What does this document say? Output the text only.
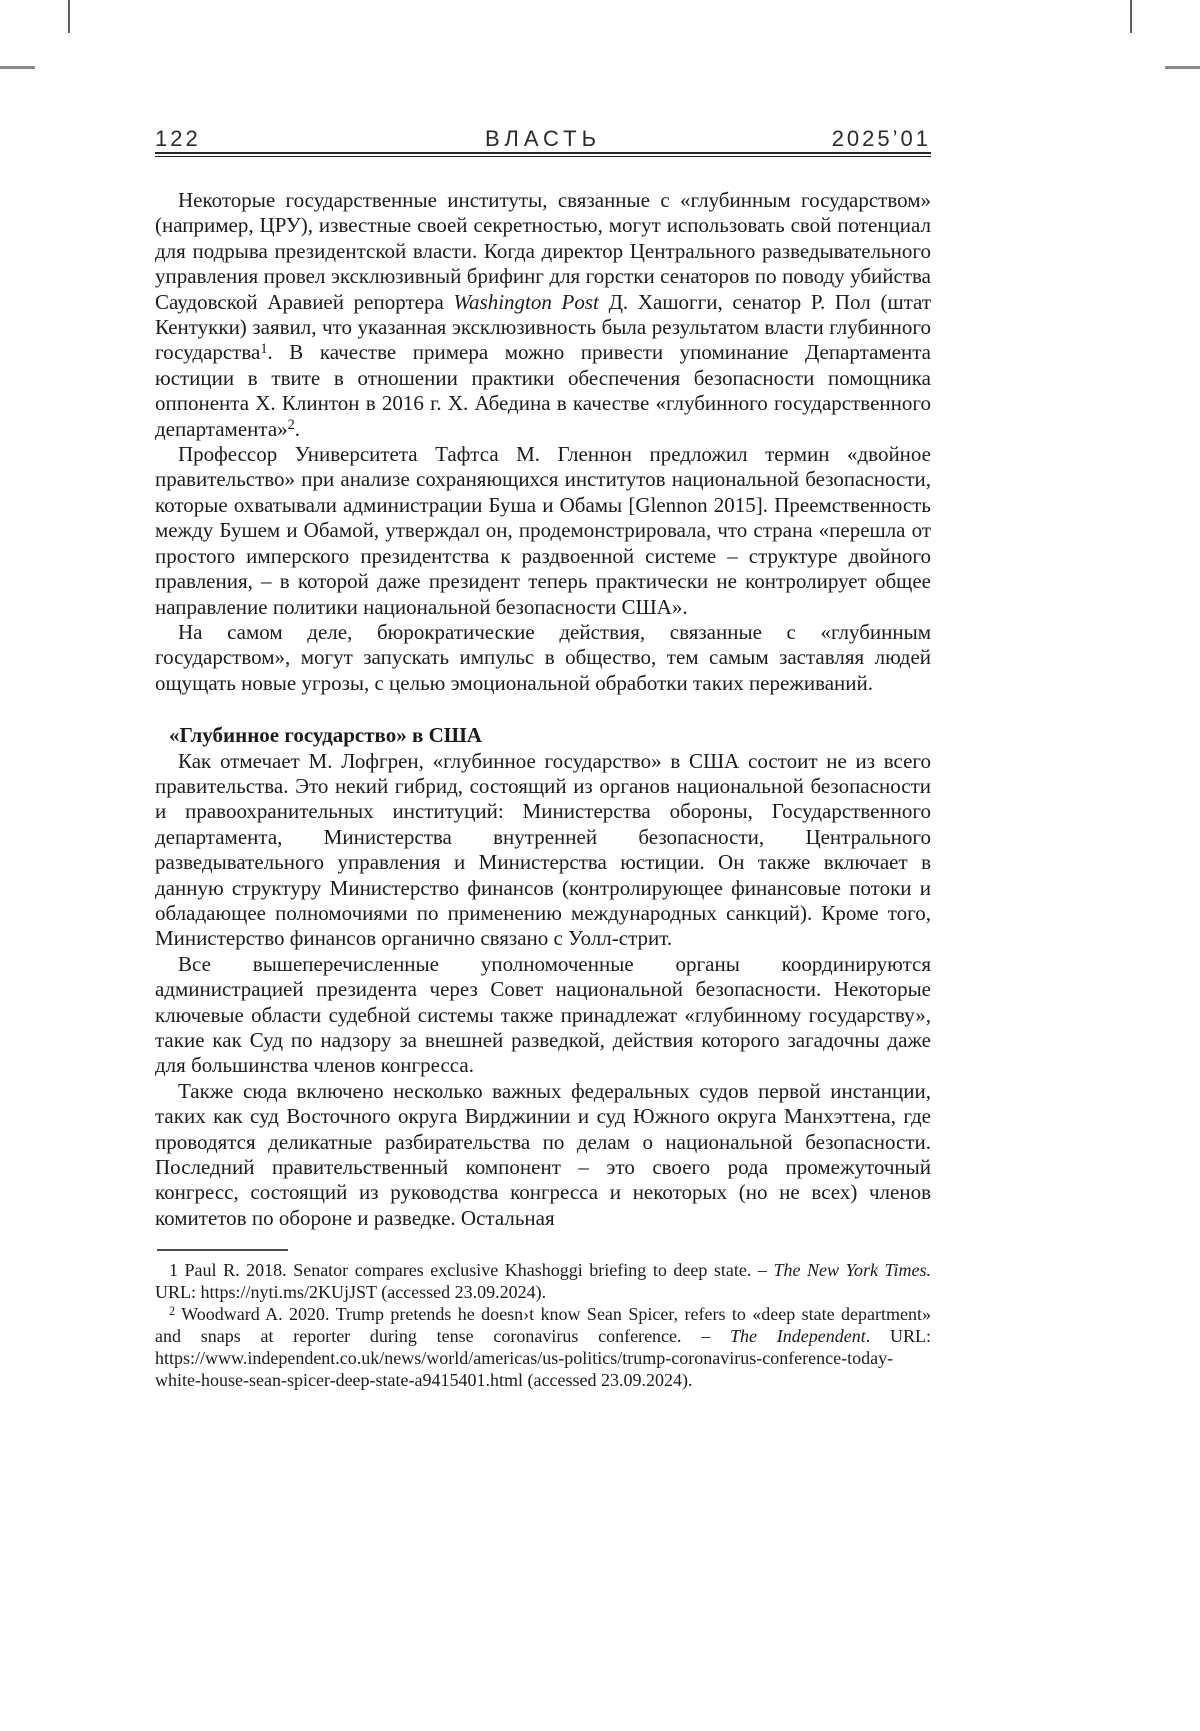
122	ВЛАСТЬ	2025’01

Некоторые государственные институты, связанные с «глубинным государством» (например, ЦРУ), известные своей секретностью, могут использовать свой потенциал для подрыва президентской власти. Когда директор Центрального разведывательного управления провел эксклюзивный брифинг для горстки сенаторов по поводу убийства Саудовской Аравией репортера Washington Post Д. Хашогги, сенатор Р. Пол (штат Кентукки) заявил, что указанная эксклюзивность была результатом власти глубинного государства$^1$. В качестве примера можно привести упоминание Департамента юстиции в твите в отношении практики обеспечения безопасности помощника оппонента Х. Клинтон в 2016 г. Х. Абедина в качестве «глубинного государственного департамента»$^2$.

Профессор Университета Тафтса М. Гленнон предложил термин «двойное правительство» при анализе сохраняющихся институтов национальной безопасности, которые охватывали администрации Буша и Обамы [Glennon 2015]. Преемственность между Бушем и Обамой, утверждал он, продемонстрировала, что страна «перешла от простого имперского президентства к раздвоенной системе – структуре двойного правления, – в которой даже президент теперь практически не контролирует общее направление политики национальной безопасности США».

На самом деле, бюрократические действия, связанные с «глубинным государством», могут запускать импульс в общество, тем самым заставляя людей ощущать новые угрозы, с целью эмоциональной обработки таких переживаний.

«Глубинное государство» в США

Как отмечает М. Лофгрен, «глубинное государство» в США состоит не из всего правительства. Это некий гибрид, состоящий из органов национальной безопасности и правоохранительных институций: Министерства обороны, Государственного департамента, Министерства внутренней безопасности, Центрального разведывательного управления и Министерства юстиции. Он также включает в данную структуру Министерство финансов (контролирующее финансовые потоки и обладающее полномочиями по применению международных санкций). Кроме того, Министерство финансов органично связано с Уолл-стрит.

Все вышеперечисленные уполномоченные органы координируются администрацией президента через Совет национальной безопасности. Некоторые ключевые области судебной системы также принадлежат «глубинному государству», такие как Суд по надзору за внешней разведкой, действия которого загадочны даже для большинства членов конгресса.

Также сюда включено несколько важных федеральных судов первой инстанции, таких как суд Восточного округа Вирджинии и суд Южного округа Манхэттена, где проводятся деликатные разбирательства по делам о национальной безопасности. Последний правительственный компонент – это своего рода промежуточный конгресс, состоящий из руководства конгресса и некоторых (но не всех) членов комитетов по обороне и разведке. Остальная

1 Paul R. 2018. Senator compares exclusive Khashoggi briefing to deep state. – The New York Times. URL: https://nyti.ms/2KUjJST (accessed 23.09.2024).

$^2$ Woodward A. 2020. Trump pretends he doesn›t know Sean Spicer, refers to «deep state department» and snaps at reporter during tense coronavirus conference. – The Independent. URL: https://www.independent.co.uk/news/world/americas/us-politics/trump-coronavirus-conference-today-white-house-sean-spicer-deep-state-a9415401.html (accessed 23.09.2024).
